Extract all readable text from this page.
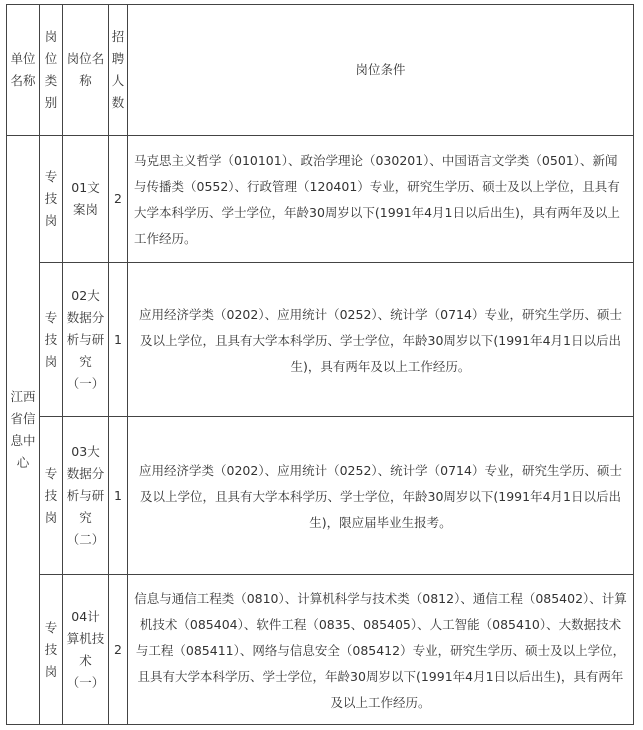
单位名称	岗位类别	岗位名称	招聘人数	岗位条件
江西省信息中心	专技岗	01文案岗	2	马克思主义哲学（010101）、政治学理论（030201）、中国语言文学类（0501）、新闻与传播类（0552）、行政管理（120401）专业，研究生学历、硕士及以上学位，且具有大学本科学历、学士学位，年龄30周岁以下(1991年4月1日以后出生)，具有两年及以上工作经历。
	专技岗	02大数据分析与研究（一）	1	应用经济学类（0202）、应用统计（0252）、统计学（0714）专业，研究生学历、硕士及以上学位，且具有大学本科学历、学士学位，年龄30周岁以下(1991年4月1日以后出生)，具有两年及以上工作经历。
	专技岗	03大数据分析与研究（二）	1	应用经济学类（0202）、应用统计（0252）、统计学（0714）专业，研究生学历、硕士及以上学位，且具有大学本科学历、学士学位，年龄30周岁以下(1991年4月1日以后出生)，限应届毕业生报考。
	专技岗	04计算机技术（一）	2	信息与通信工程类（0810）、计算机科学与技术类（0812）、通信工程（085402）、计算机技术（085404）、软件工程（0835、085405）、人工智能（085410）、大数据技术与工程（085411）、网络与信息安全（085412）专业，研究生学历、硕士及以上学位，且具有大学本科学历、学士学位，年龄30周岁以下(1991年4月1日以后出生)，具有两年及以上工作经历。
